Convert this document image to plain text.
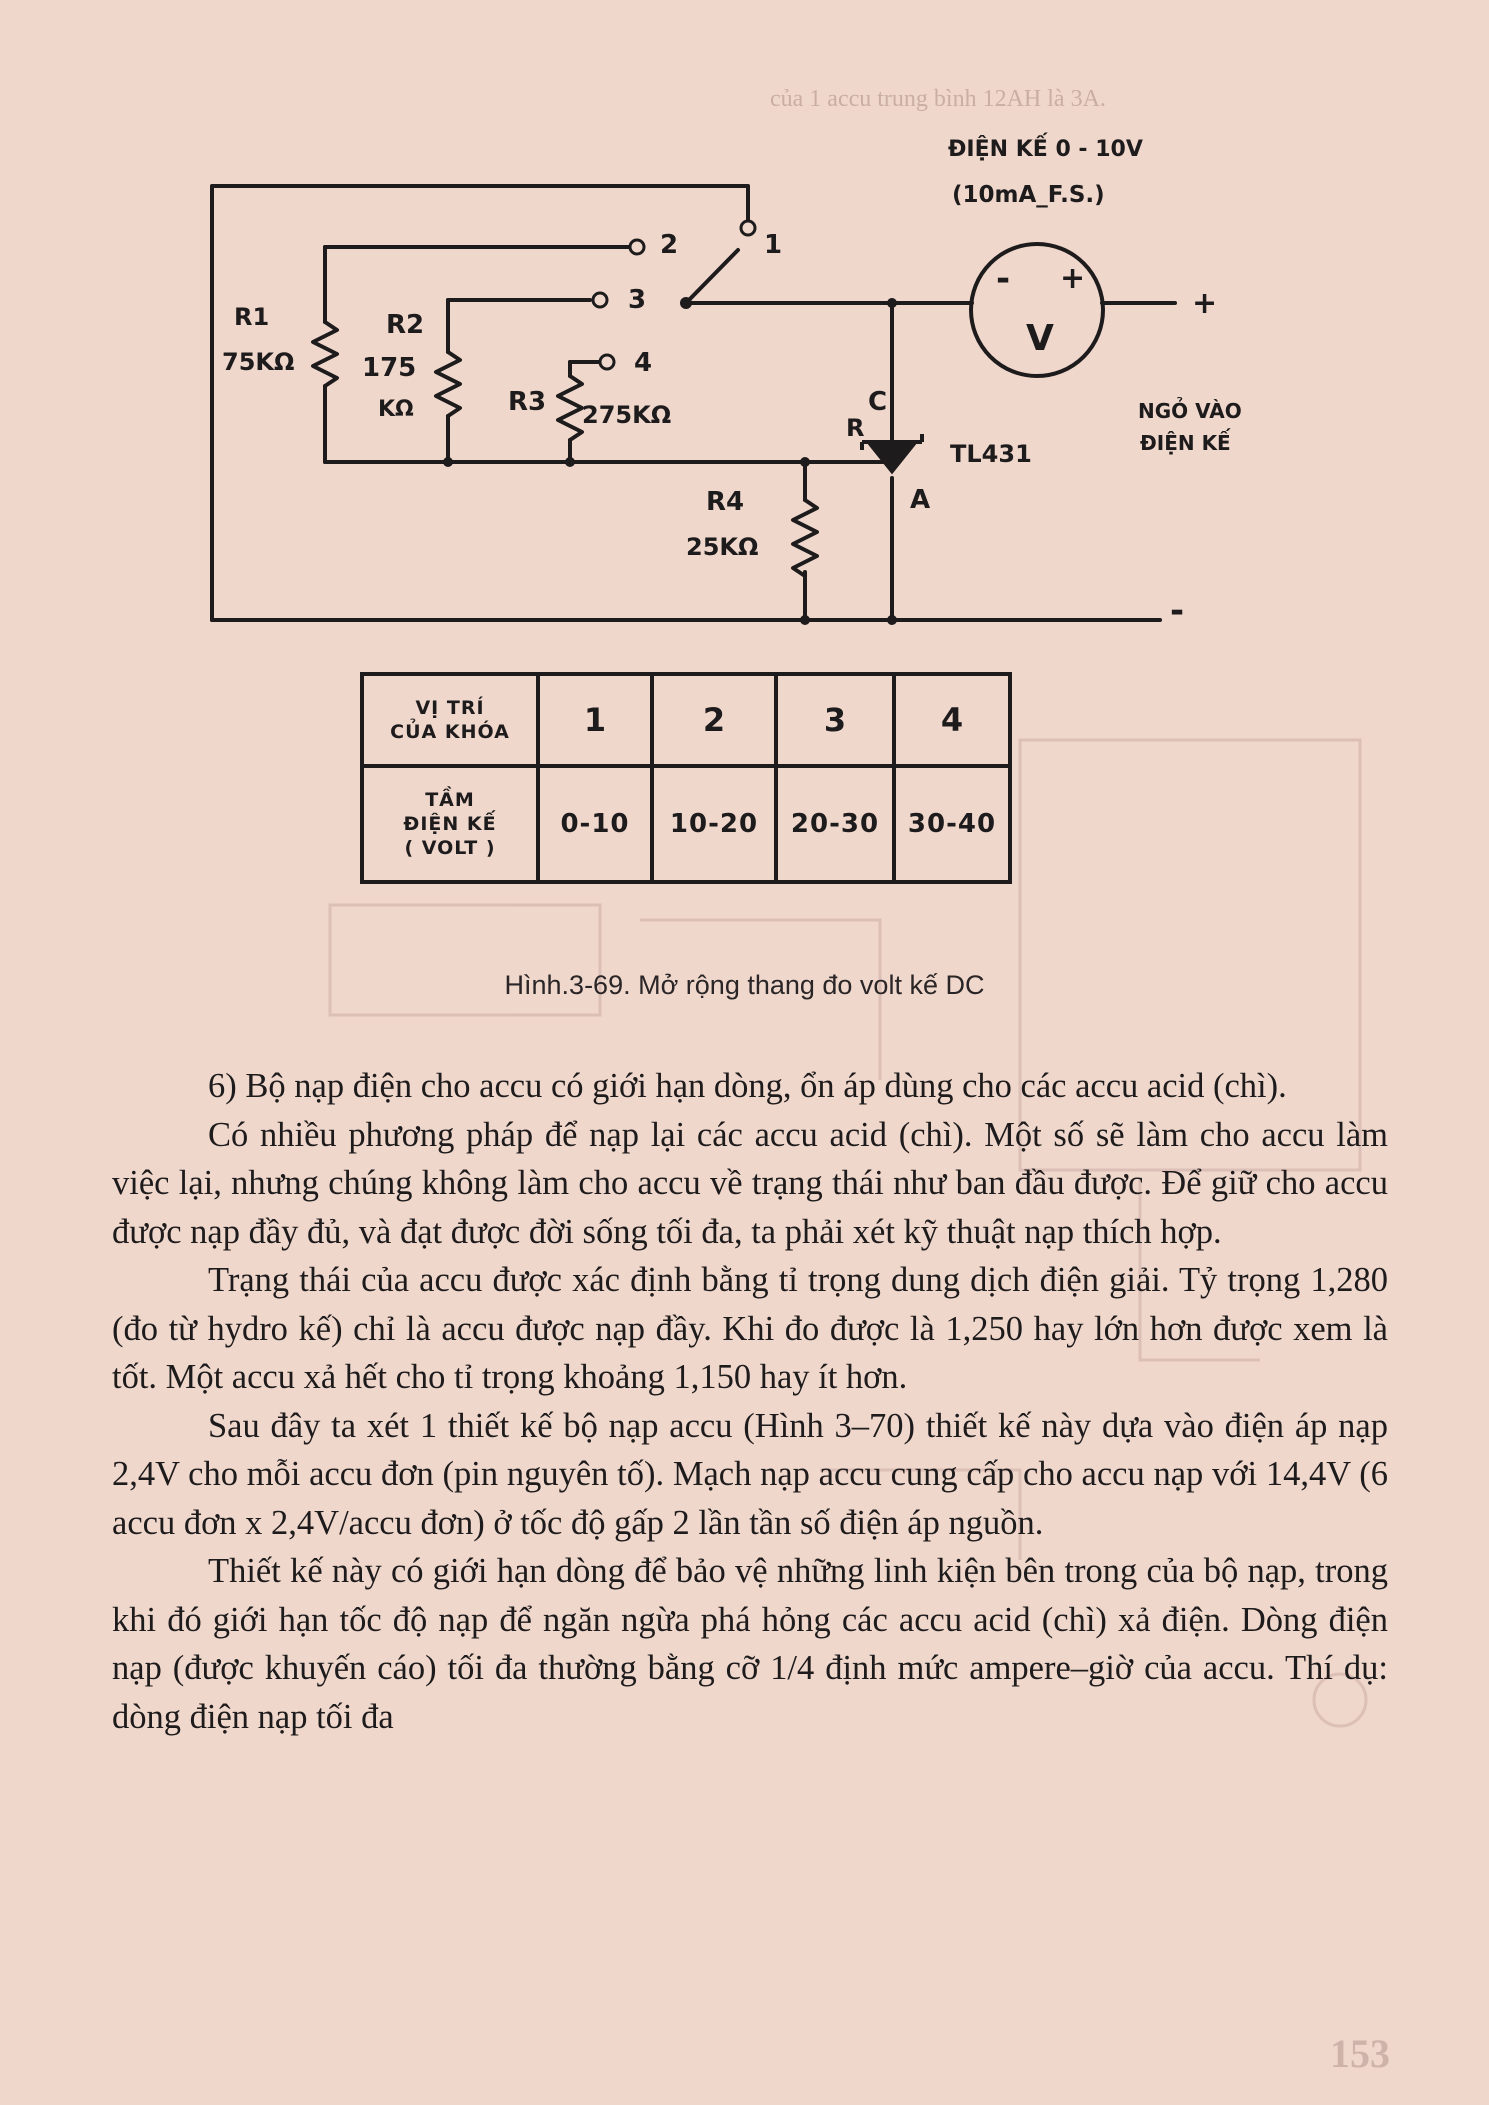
của 1 accu trung bình 12AH là 3A.
ĐIỆN KẾ 0 - 10V
(10mA_F.S.)
- +
V
+
-
NGỎ VÀO
ĐIỆN KẾ
R1
75KΩ
R2
175
KΩ	R3 275KΩ
R4
25KΩ
2
3
4
1
TL431
C
R
A
VỊ TRÍ
CỦA KHÓA	1	2	3	4

TẦM
ĐIỆN KẾ
( VOLT )	0-10	10-20	20-30	30-40
Hình.3-69. Mở rộng thang đo volt kế DC

6) Bộ nạp điện cho accu có giới hạn dòng, ổn áp dùng cho các accu acid (chì).

Có nhiều phương pháp để nạp lại các accu acid (chì). Một số sẽ làm cho accu làm việc lại, nhưng chúng không làm cho accu về trạng thái như ban đầu được. Để giữ cho accu được nạp đầy đủ, và đạt được đời sống tối đa, ta phải xét kỹ thuật nạp thích hợp.

Trạng thái của accu được xác định bằng tỉ trọng dung dịch điện giải. Tỷ trọng 1,280 (đo từ hydro kế) chỉ là accu được nạp đầy. Khi đo được là 1,250 hay lớn hơn được xem là tốt. Một accu xả hết cho tỉ trọng khoảng 1,150 hay ít hơn.

Sau đây ta xét 1 thiết kế bộ nạp accu (Hình 3–70) thiết kế này dựa vào điện áp nạp 2,4V cho mỗi accu đơn (pin nguyên tố). Mạch nạp accu cung cấp cho accu nạp với 14,4V (6 accu đơn x 2,4V/accu đơn) ở tốc độ gấp 2 lần tần số điện áp nguồn.

Thiết kế này có giới hạn dòng để bảo vệ những linh kiện bên trong của bộ nạp, trong khi đó giới hạn tốc độ nạp để ngăn ngừa phá hỏng các accu acid (chì) xả điện. Dòng điện nạp (được khuyến cáo) tối đa thường bằng cỡ 1/4 định mức ampere–giờ của accu. Thí dụ: dòng điện nạp tối đa

153
